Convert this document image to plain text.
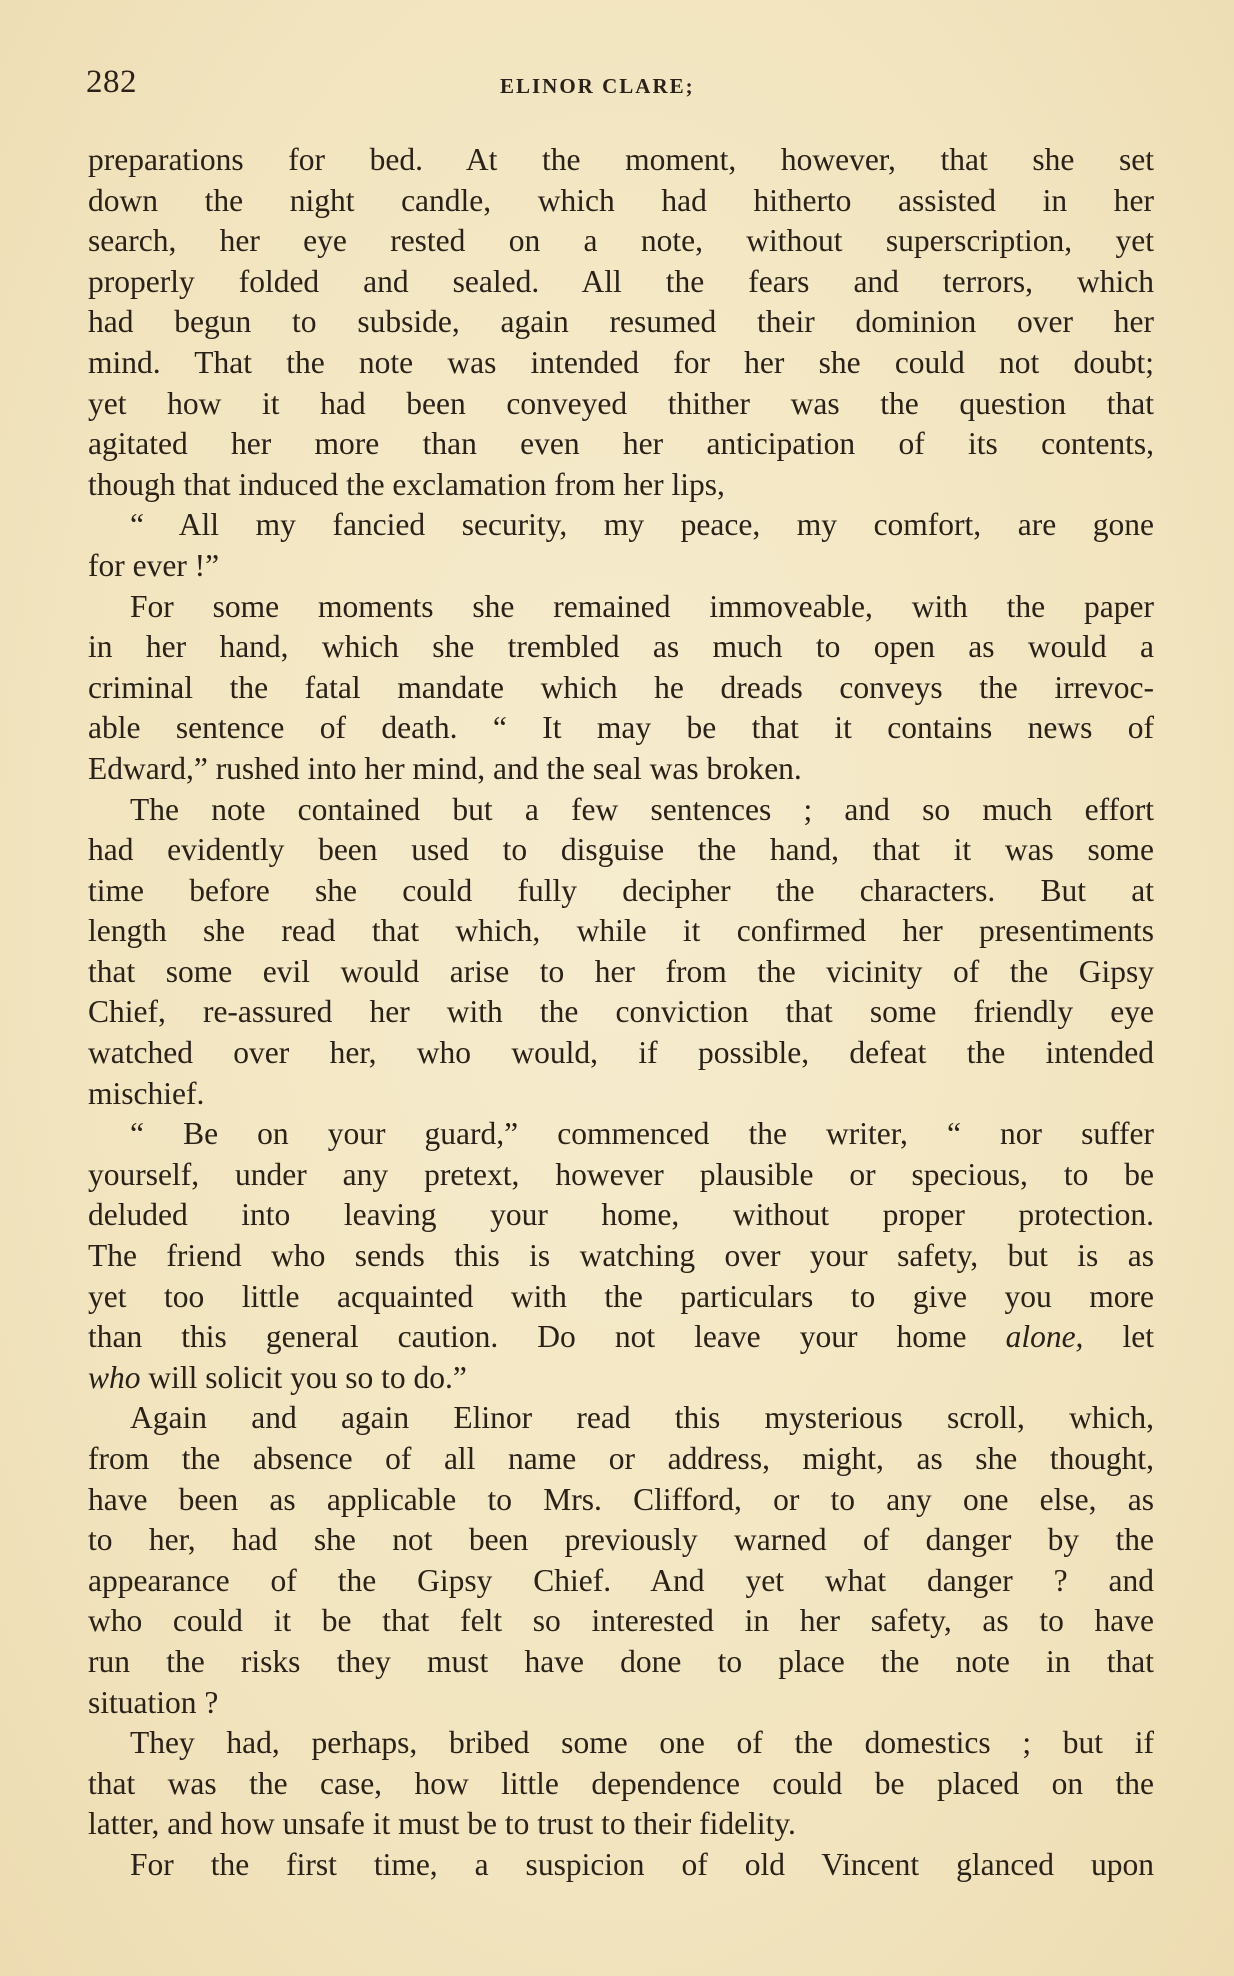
282	ELINOR CLARE;
preparations for bed. At the moment, however, that she set
down the night candle, which had hitherto assisted in her
search, her eye rested on a note, without superscription, yet
properly folded and sealed. All the fears and terrors, which
had begun to subside, again resumed their dominion over her
mind. That the note was intended for her she could not doubt;
yet how it had been conveyed thither was the question that
agitated her more than even her anticipation of its contents,
though that induced the exclamation from her lips,
“ All my fancied security, my peace, my comfort, are gone
for ever !”
For some moments she remained immoveable, with the paper
in her hand, which she trembled as much to open as would a
criminal the fatal mandate which he dreads conveys the irrevoc-
able sentence of death. “ It may be that it contains news of
Edward,” rushed into her mind, and the seal was broken.
The note contained but a few sentences ; and so much effort
had evidently been used to disguise the hand, that it was some
time before she could fully decipher the characters. But at
length she read that which, while it confirmed her presentiments
that some evil would arise to her from the vicinity of the Gipsy
Chief, re-assured her with the conviction that some friendly eye
watched over her, who would, if possible, defeat the intended
mischief.
“ Be on your guard,” commenced the writer, “ nor suffer
yourself, under any pretext, however plausible or specious, to be
deluded into leaving your home, without proper protection.
The friend who sends this is watching over your safety, but is as
yet too little acquainted with the particulars to give you more
than this general caution. Do not leave your home alone, let
who will solicit you so to do.”
Again and again Elinor read this mysterious scroll, which,
from the absence of all name or address, might, as she thought,
have been as applicable to Mrs. Clifford, or to any one else, as
to her, had she not been previously warned of danger by the
appearance of the Gipsy Chief. And yet what danger ? and
who could it be that felt so interested in her safety, as to have
run the risks they must have done to place the note in that
situation ?
They had, perhaps, bribed some one of the domestics ; but if
that was the case, how little dependence could be placed on the
latter, and how unsafe it must be to trust to their fidelity.
For the first time, a suspicion of old Vincent glanced upon
